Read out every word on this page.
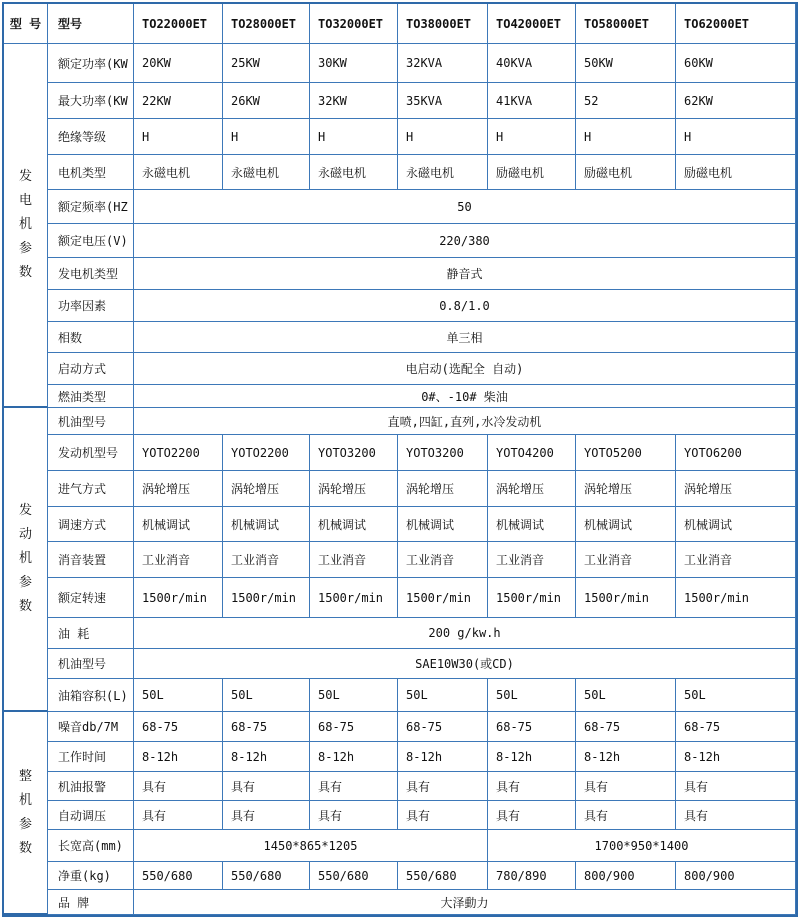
型 号	型号	TO22000ET	TO28000ET	TO32000ET	TO38000ET	TO42000ET	TO58000ET	TO62000ET
发电机参数
发动机参数
整机参数
额定功率(KW	20KW	25KW	30KW	32KVA	40KVA	50KW	60KW
最大功率(KW	22KW	26KW	32KW	35KVA	41KVA	52	62KW
绝缘等级	H	H	H	H	H	H	H
电机类型	永磁电机	永磁电机	永磁电机	永磁电机	励磁电机	励磁电机	励磁电机
额定频率(HZ	50
额定电压(V)	220/380
发电机类型	静音式
功率因素	0.8/1.0
相数	单三相
启动方式	电启动(选配全 自动)
燃油类型	0#、-10# 柴油
机油型号	直喷,四缸,直列,水冷发动机
发动机型号	YOTO2200	YOTO2200	YOTO3200	YOTO3200	YOTO4200	YOTO5200	YOTO6200
进气方式	涡轮增压	涡轮增压	涡轮增压	涡轮增压	涡轮增压	涡轮增压	涡轮增压
调速方式	机械调试	机械调试	机械调试	机械调试	机械调试	机械调试	机械调试
消音装置	工业消音	工业消音	工业消音	工业消音	工业消音	工业消音	工业消音
额定转速	1500r/min	1500r/min	1500r/min	1500r/min	1500r/min	1500r/min	1500r/min
油 耗	200 g/kw.h
机油型号	SAE10W30(或CD)
油箱容积(L)	50L	50L	50L	50L	50L	50L	50L
噪音db/7M	68-75	68-75	68-75	68-75	68-75	68-75	68-75
工作时间	8-12h	8-12h	8-12h	8-12h	8-12h	8-12h	8-12h
机油报警	具有	具有	具有	具有	具有	具有	具有
自动调压	具有	具有	具有	具有	具有	具有	具有
长宽高(mm)	1450*865*1205	1700*950*1400
净重(kg)	550/680	550/680	550/680	550/680	780/890	800/900	800/900
品 牌	大泽動力
